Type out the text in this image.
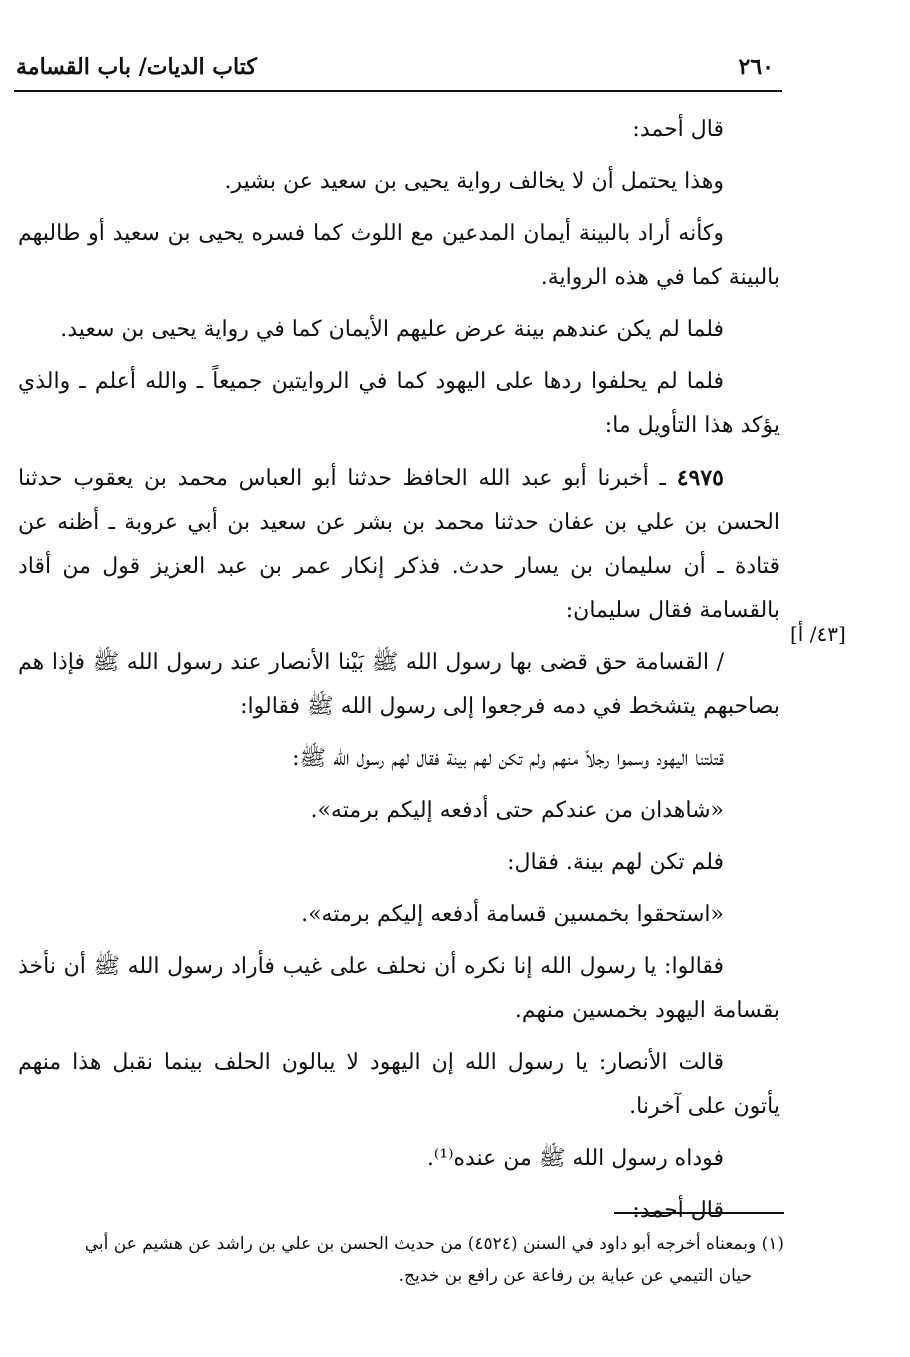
٢٦٠
كتاب الديات/ باب القسامة

قال أحمد:

وهذا يحتمل أن لا يخالف رواية يحيى بن سعيد عن بشير.

وكأنه أراد بالبينة أيمان المدعين مع اللوث كما فسره يحيى بن سعيد أو طالبهم بالبينة كما في هذه الرواية.

فلما لم يكن عندهم بينة عرض عليهم الأيمان كما في رواية يحيى بن سعيد.

فلما لم يحلفوا ردها على اليهود كما في الروايتين جميعاً ـ والله أعلم ـ والذي يؤكد هذا التأويل ما:

٤٩٧٥ ـ أخبرنا أبو عبد الله الحافظ حدثنا أبو العباس محمد بن يعقوب حدثنا الحسن بن علي بن عفان حدثنا محمد بن بشر عن سعيد بن أبي عروبة ـ أظنه عن قتادة ـ أن سليمان بن يسار حدث. فذكر إنكار عمر بن عبد العزيز قول من أقاد بالقسامة فقال سليمان:

/ القسامة حق قضى بها رسول الله ﷺ بَيْنا الأنصار عند رسول الله ﷺ فإذا هم بصاحبهم يتشخط في دمه فرجعوا إلى رسول الله ﷺ فقالوا:

قتلتنا اليهود وسموا رجلاً منهم ولم تكن لهم بينة فقال لهم رسول الله ﷺ:

«شاهدان من عندكم حتى أدفعه إليكم برمته».

فلم تكن لهم بينة. فقال:

«استحقوا بخمسين قسامة أدفعه إليكم برمته».

فقالوا: يا رسول الله إنا نكره أن نحلف على غيب فأراد رسول الله ﷺ أن نأخذ بقسامة اليهود بخمسين منهم.

قالت الأنصار: يا رسول الله إن اليهود لا يبالون الحلف بينما نقبل هذا منهم يأتون على آخرنا.

فوداه رسول الله ﷺ من عنده⁽¹⁾.

قال أحمد:

[٤٣/ أ]
(١) وبمعناه أخرجه أبو داود في السنن (٤٥٢٤) من حديث الحسن بن علي بن راشد عن هشيم عن أبي
حيان التيمي عن عباية بن رفاعة عن رافع بن خديج.
